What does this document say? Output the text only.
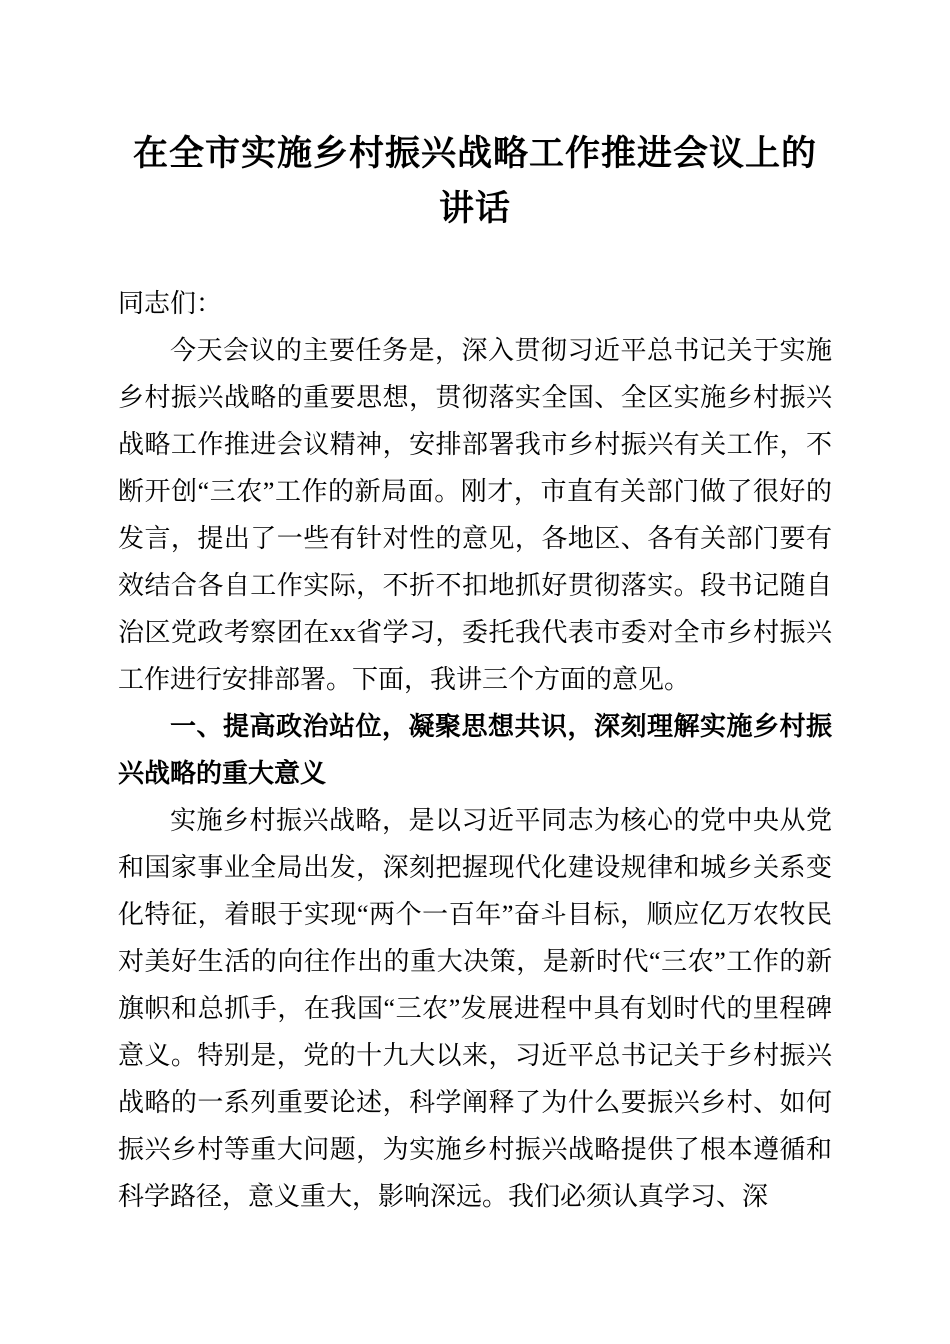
在全市实施乡村振兴战略工作推进会议上的讲话

同志们：

今天会议的主要任务是，深入贯彻习近平总书记关于实施乡村振兴战略的重要思想，贯彻落实全国、全区实施乡村振兴战略工作推进会议精神，安排部署我市乡村振兴有关工作，不断开创“三农”工作的新局面。刚才，市直有关部门做了很好的发言，提出了一些有针对性的意见，各地区、各有关部门要有效结合各自工作实际，不折不扣地抓好贯彻落实。段书记随自治区党政考察团在xx省学习，委托我代表市委对全市乡村振兴工作进行安排部署。下面，我讲三个方面的意见。

一、提高政治站位，凝聚思想共识，深刻理解实施乡村振兴战略的重大意义

实施乡村振兴战略，是以习近平同志为核心的党中央从党和国家事业全局出发，深刻把握现代化建设规律和城乡关系变化特征，着眼于实现“两个一百年”奋斗目标，顺应亿万农牧民对美好生活的向往作出的重大决策，是新时代“三农”工作的新旗帜和总抓手，在我国“三农”发展进程中具有划时代的里程碑意义。特别是，党的十九大以来，习近平总书记关于乡村振兴战略的一系列重要论述，科学阐释了为什么要振兴乡村、如何振兴乡村等重大问题，为实施乡村振兴战略提供了根本遵循和科学路径，意义重大，影响深远。我们必须认真学习、深
